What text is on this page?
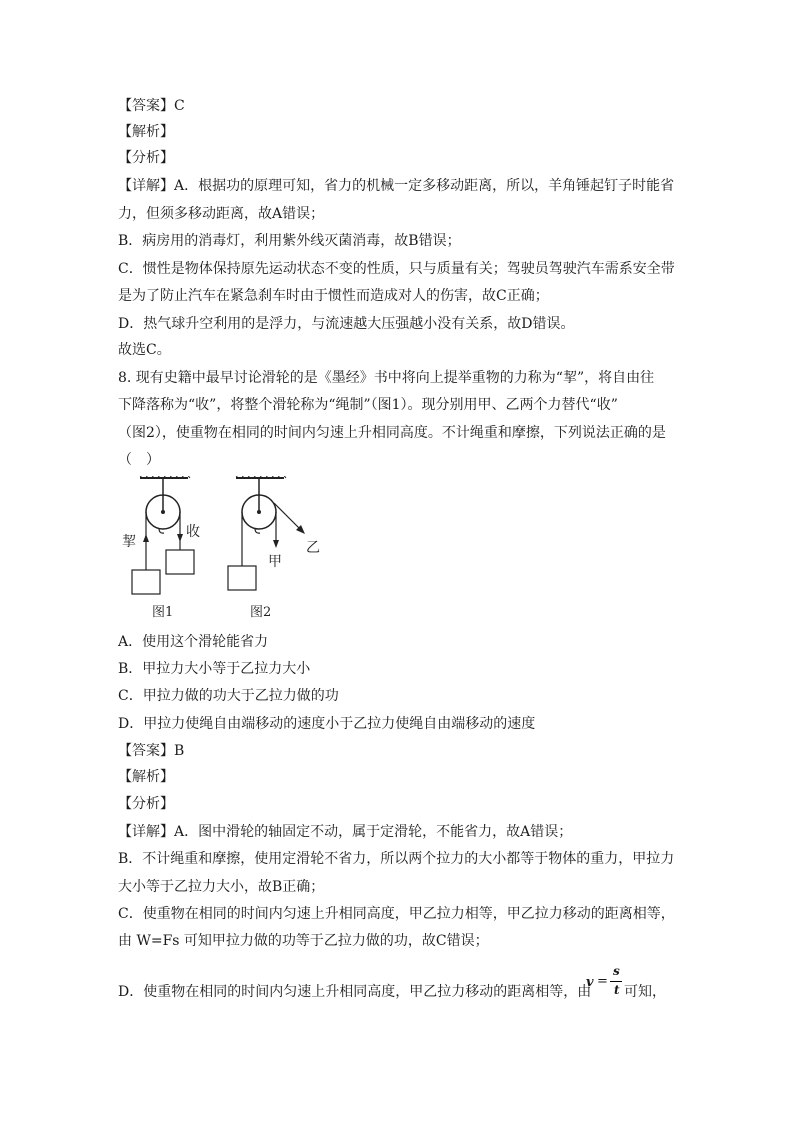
【答案】C
【解析】
【分析】
【详解】A．根据功的原理可知，省力的机械一定多移动距离，所以，羊角锤起钉子时能省
力，但须多移动距离，故A错误；
B．病房用的消毒灯，利用紫外线灭菌消毒，故B错误；
C．惯性是物体保持原先运动状态不变的性质，只与质量有关；驾驶员驾驶汽车需系安全带
是为了防止汽车在紧急刹车时由于惯性而造成对人的伤害，故C正确；
D．热气球升空利用的是浮力，与流速越大压强越小没有关系，故D错误。
故选C。
8. 现有史籍中最早讨论滑轮的是《墨经》书中将向上提举重物的力称为“挈”，将自由往
下降落称为“收”，将整个滑轮称为“绳制”（图1）。现分别用甲、乙两个力替代“收”
（图2），使重物在相同的时间内匀速上升相同高度。不计绳重和摩擦，下列说法正确的是
（　）
挈
收
图1
甲
乙
图2
A．使用这个滑轮能省力
B．甲拉力大小等于乙拉力大小
C．甲拉力做的功大于乙拉力做的功
D．甲拉力使绳自由端移动的速度小于乙拉力使绳自由端移动的速度
【答案】B
【解析】
【分析】
【详解】A．图中滑轮的轴固定不动，属于定滑轮，不能省力，故A错误；
B．不计绳重和摩擦，使用定滑轮不省力，所以两个拉力的大小都等于物体的重力，甲拉力
大小等于乙拉力大小，故B正确；
C．使重物在相同的时间内匀速上升相同高度，甲乙拉力相等，甲乙拉力移动的距离相等，
由 W=Fs 可知甲拉力做的功等于乙拉力做的功，故C错误；
D．使重物在相同的时间内匀速上升相同高度，甲乙拉力移动的距离相等，由
v =
s
t 可知，
